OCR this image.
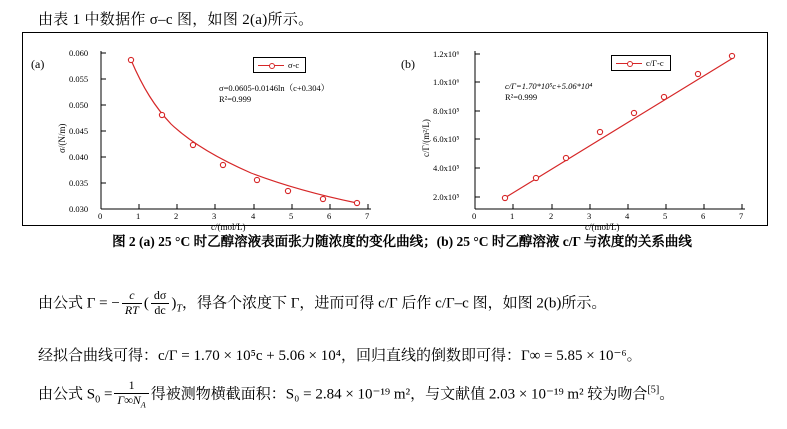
由表 1 中数据作 σ–c 图，如图 2(a)所示。
(a)
0	1	2	3	4	5	6	7
0.030
0.035
0.040
0.045
0.050
0.055
0.060
c/(mol/L)
σ/(N/m)
σ-c
σ=0.0605-0.0146ln（c+0.304）
R²=0.999
(b)
0	1	2	3	4	5	6	7
2.0x10⁵
4.0x10⁵
6.0x10⁵
8.0x10⁵
1.0x10⁶
1.2x10⁶
c/(mol/L)
c/Γ/(m²/L)
c/Γ-c
c/Γ=1.70*10⁵c+5.06*10⁴
R²=0.999
图 2 (a) 25 °C 时乙醇溶液表面张力随浓度的变化曲线；(b) 25 °C 时乙醇溶液 c/Γ 与浓度的关系曲线
由公式 Γ = − $\frac{c}{RT}$ ( $\frac{d\sigma}{dc} )_T$，得各个浓度下 Γ，进而可得 c/Γ 后作 c/Γ–c 图，如图 2(b)所示。
经拟合曲线可得：c/Γ = 1.70 × 10⁵c + 5.06 × 10⁴，回归直线的倒数即可得：Γ∞ = 5.85 × 10⁻⁶。
由公式 $S_0 = \frac{1}{\Gamma\infty N_A}$ 得被测物横截面积：S₀ = 2.84 × 10⁻¹⁹ m²，与文献值 2.03 × 10⁻¹⁹ m² 较为吻合[5]。
